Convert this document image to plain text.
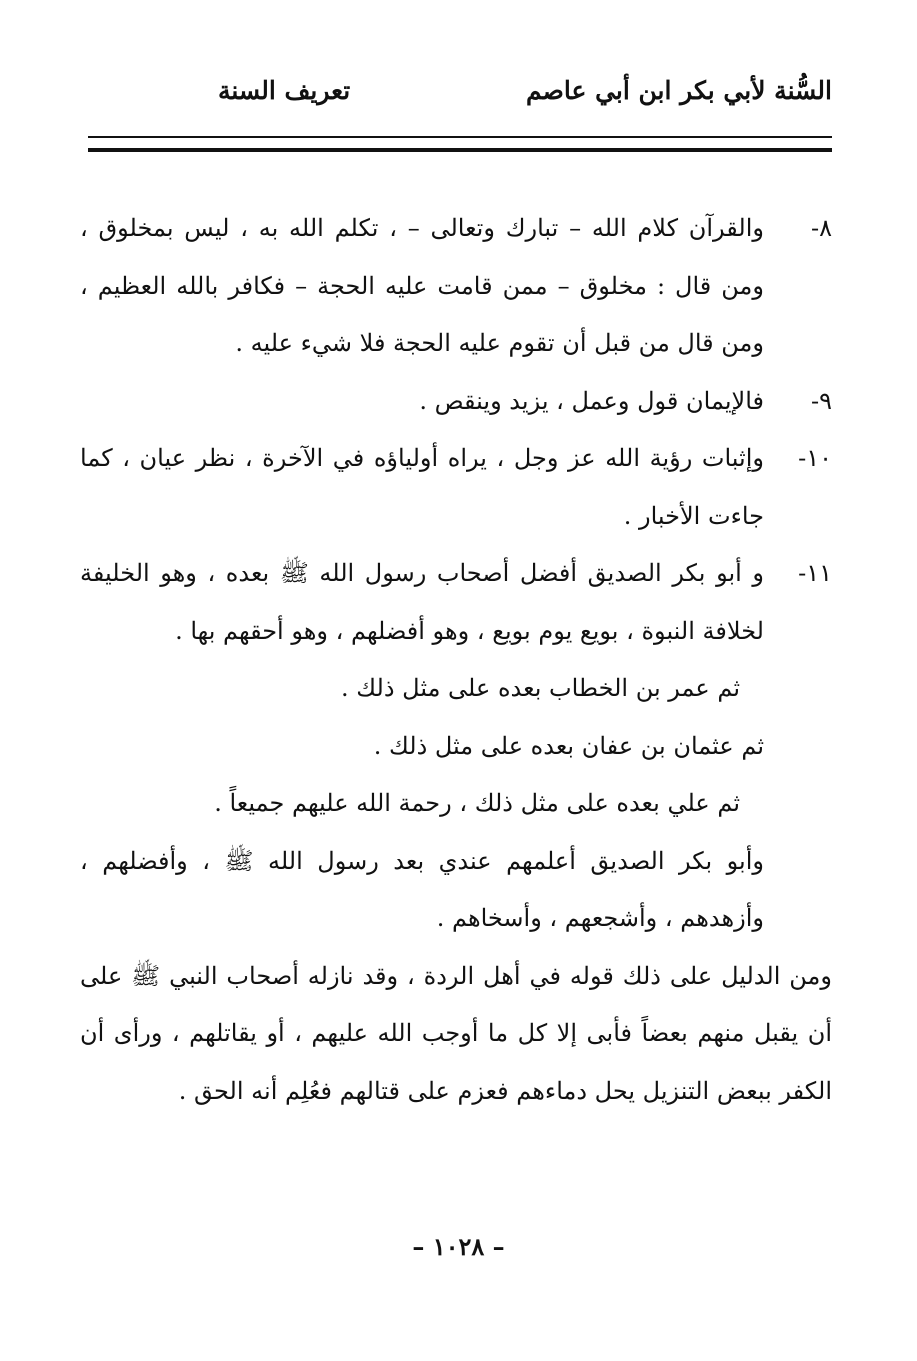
السُّنة لأبي بكر ابن أبي عاصم
تعريف السنة
٨-
والقرآن كلام الله – تبارك وتعالى – ، تكلم الله به ، ليس بمخلوق ، ومن قال : مخلوق – ممن قامت عليه الحجة – فكافر بالله العظيم ، ومن قال من قبل أن تقوم عليه الحجة فلا شيء عليه .
٩-
فالإيمان قول وعمل ، يزيد وينقص .
١٠-
وإثبات رؤية الله عز وجل ، يراه أولياؤه في الآخرة ، نظر عيان ، كما جاءت الأخبار .
١١-
و أبو بكر الصديق أفضل أصحاب رسول الله ﷺ بعده ، وهو الخليفة لخلافة النبوة ، بويع يوم بويع ، وهو أفضلهم ، وهو أحقهم بها .
ثم عمر بن الخطاب بعده على مثل ذلك .
ثم عثمان بن عفان بعده على مثل ذلك .
ثم علي بعده على مثل ذلك ، رحمة الله عليهم جميعاً .
وأبو بكر الصديق أعلمهم عندي بعد رسول الله ﷺ ، وأفضلهم ، وأزهدهم ، وأشجعهم ، وأسخاهم .
ومن الدليل على ذلك قوله في أهل الردة ، وقد نازله أصحاب النبي ﷺ على أن يقبل منهم بعضاً فأبى إلا كل ما أوجب الله عليهم ، أو يقاتلهم ، ورأى أن الكفر ببعض التنزيل يحل دماءهم فعزم على قتالهم فعُلِم أنه الحق .
– ١٠٢٨ –
